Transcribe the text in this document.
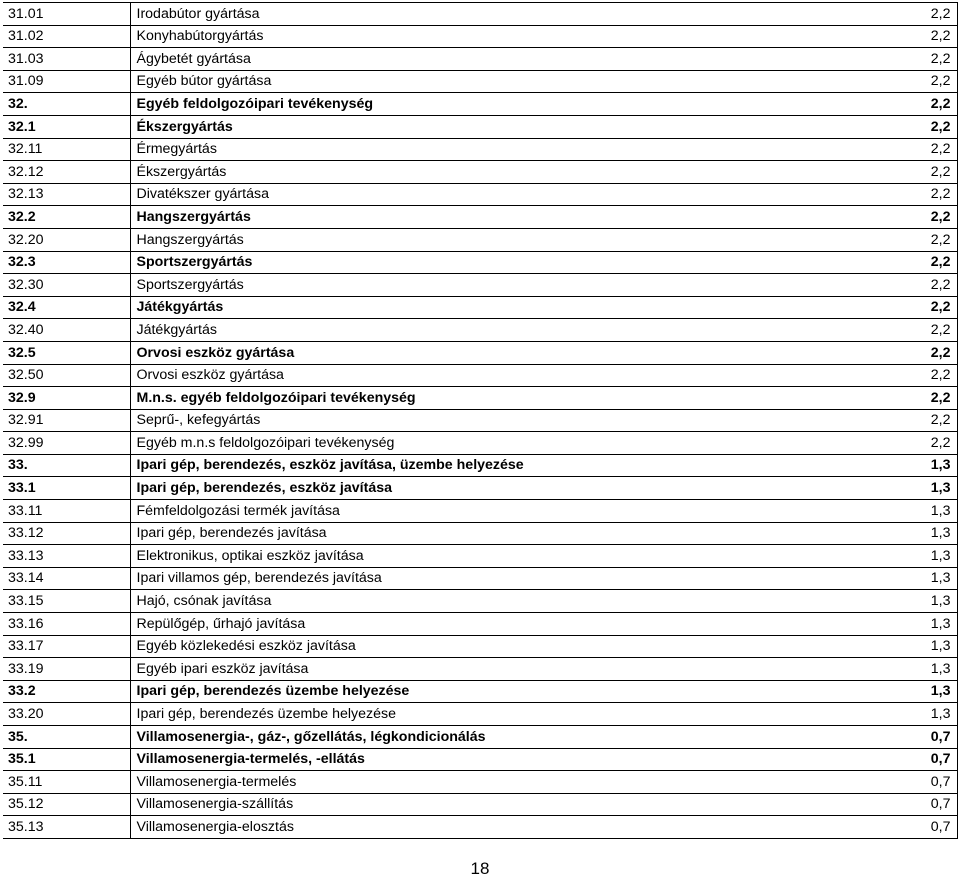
31.01	Irodabútor gyártása	2,2
31.02	Konyhabútorgyártás	2,2
31.03	Ágybetét gyártása	2,2
31.09	Egyéb bútor gyártása	2,2
32.	Egyéb feldolgozóipari tevékenység	2,2
32.1	Ékszergyártás	2,2
32.11	Érmegyártás	2,2
32.12	Ékszergyártás	2,2
32.13	Divatékszer gyártása	2,2
32.2	Hangszergyártás	2,2
32.20	Hangszergyártás	2,2
32.3	Sportszergyártás	2,2
32.30	Sportszergyártás	2,2
32.4	Játékgyártás	2,2
32.40	Játékgyártás	2,2
32.5	Orvosi eszköz gyártása	2,2
32.50	Orvosi eszköz gyártása	2,2
32.9	M.n.s. egyéb feldolgozóipari tevékenység	2,2
32.91	Seprű-, kefegyártás	2,2
32.99	Egyéb m.n.s feldolgozóipari tevékenység	2,2
33.	Ipari gép, berendezés, eszköz javítása, üzembe helyezése	1,3
33.1	Ipari gép, berendezés, eszköz javítása	1,3
33.11	Fémfeldolgozási termék javítása	1,3
33.12	Ipari gép, berendezés javítása	1,3
33.13	Elektronikus, optikai eszköz javítása	1,3
33.14	Ipari villamos gép, berendezés javítása	1,3
33.15	Hajó, csónak javítása	1,3
33.16	Repülőgép, űrhajó javítása	1,3
33.17	Egyéb közlekedési eszköz javítása	1,3
33.19	Egyéb ipari eszköz javítása	1,3
33.2	Ipari gép, berendezés üzembe helyezése	1,3
33.20	Ipari gép, berendezés üzembe helyezése	1,3
35.	Villamosenergia-, gáz-, gőzellátás, légkondicionálás	0,7
35.1	Villamosenergia-termelés, -ellátás	0,7
35.11	Villamosenergia-termelés	0,7
35.12	Villamosenergia-szállítás	0,7
35.13	Villamosenergia-elosztás	0,7
18
